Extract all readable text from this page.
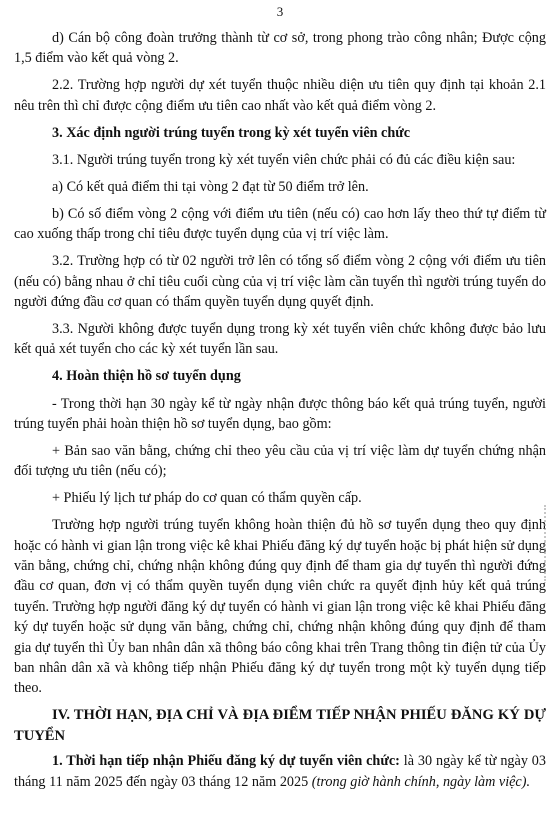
3

d) Cán bộ công đoàn trưởng thành từ cơ sở, trong phong trào công nhân; Được cộng 1,5 điểm vào kết quả vòng 2.

2.2. Trường hợp người dự xét tuyển thuộc nhiều diện ưu tiên quy định tại khoản 2.1 nêu trên thì chỉ được cộng điểm ưu tiên cao nhất vào kết quả điểm vòng 2.

3. Xác định người trúng tuyển trong kỳ xét tuyển viên chức

3.1. Người trúng tuyển trong kỳ xét tuyển viên chức phải có đủ các điều kiện sau:

a) Có kết quả điểm thi tại vòng 2 đạt từ 50 điểm trở lên.

b) Có số điểm vòng 2 cộng với điểm ưu tiên (nếu có) cao hơn lấy theo thứ tự điểm từ cao xuống thấp trong chỉ tiêu được tuyển dụng của vị trí việc làm.

3.2. Trường hợp có từ 02 người trở lên có tổng số điểm vòng 2 cộng với điểm ưu tiên (nếu có) bằng nhau ở chỉ tiêu cuối cùng của vị trí việc làm cần tuyển thì người trúng tuyển do người đứng đầu cơ quan có thẩm quyền tuyển dụng quyết định.

3.3. Người không được tuyển dụng trong kỳ xét tuyển viên chức không được bảo lưu kết quả xét tuyển cho các kỳ xét tuyển lần sau.

4. Hoàn thiện hồ sơ tuyển dụng

- Trong thời hạn 30 ngày kể từ ngày nhận được thông báo kết quả trúng tuyển, người trúng tuyển phải hoàn thiện hồ sơ tuyển dụng, bao gồm:

+ Bản sao văn bằng, chứng chỉ theo yêu cầu của vị trí việc làm dự tuyển chứng nhận đối tượng ưu tiên (nếu có);

+ Phiếu lý lịch tư pháp do cơ quan có thẩm quyền cấp.

Trường hợp người trúng tuyển không hoàn thiện đủ hồ sơ tuyển dụng theo quy định hoặc có hành vi gian lận trong việc kê khai Phiếu đăng ký dự tuyển hoặc bị phát hiện sử dụng văn bằng, chứng chỉ, chứng nhận không đúng quy định để tham gia dự tuyển thì người đứng đầu cơ quan, đơn vị có thẩm quyền tuyển dụng viên chức ra quyết định hủy kết quả trúng tuyển. Trường hợp người đăng ký dự tuyển có hành vi gian lận trong việc kê khai Phiếu đăng ký dự tuyển hoặc sử dụng văn bằng, chứng chỉ, chứng nhận không đúng quy định để tham gia dự tuyển thì Ủy ban nhân dân xã thông báo công khai trên Trang thông tin điện tử của Ủy ban nhân dân xã và không tiếp nhận Phiếu đăng ký dự tuyển trong một kỳ tuyển dụng tiếp theo.

IV. THỜI HẠN, ĐỊA CHỈ VÀ ĐỊA ĐIỂM TIẾP NHẬN PHIẾU ĐĂNG KÝ DỰ TUYỂN

1. Thời hạn tiếp nhận Phiếu đăng ký dự tuyển viên chức: là 30 ngày kể từ ngày 03 tháng 11 năm 2025 đến ngày 03 tháng 12 năm 2025 (trong giờ hành chính, ngày làm việc).
